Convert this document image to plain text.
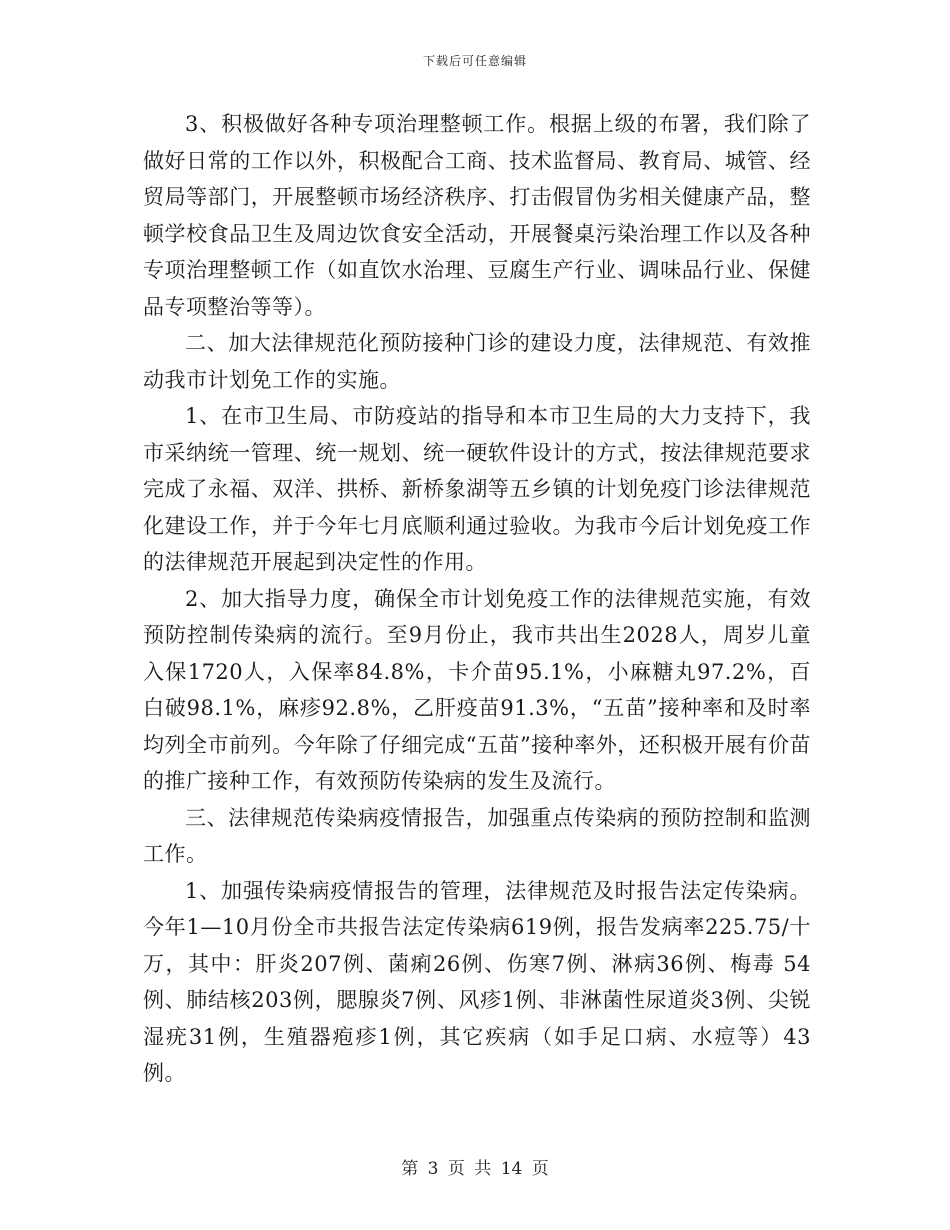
下载后可任意编辑

3、积极做好各种专项治理整顿工作。根据上级的布署，我们除了做好日常的工作以外，积极配合工商、技术监督局、教育局、城管、经贸局等部门，开展整顿市场经济秩序、打击假冒伪劣相关健康产品，整顿学校食品卫生及周边饮食安全活动，开展餐桌污染治理工作以及各种专项治理整顿工作（如直饮水治理、豆腐生产行业、调味品行业、保健品专项整治等等）。

二、加大法律规范化预防接种门诊的建设力度，法律规范、有效推动我市计划免工作的实施。

1、在市卫生局、市防疫站的指导和本市卫生局的大力支持下，我市采纳统一管理、统一规划、统一硬软件设计的方式，按法律规范要求完成了永福、双洋、拱桥、新桥象湖等五乡镇的计划免疫门诊法律规范化建设工作，并于今年七月底顺利通过验收。为我市今后计划免疫工作的法律规范开展起到决定性的作用。

2、加大指导力度，确保全市计划免疫工作的法律规范实施，有效预防控制传染病的流行。至9月份止，我市共出生2028人，周岁儿童入保1720人，入保率84.8%，卡介苗95.1%，小麻糖丸97.2%，百白破98.1%，麻疹92.8%，乙肝疫苗91.3%，“五苗”接种率和及时率均列全市前列。今年除了仔细完成“五苗”接种率外，还积极开展有价苗的推广接种工作，有效预防传染病的发生及流行。

三、法律规范传染病疫情报告，加强重点传染病的预防控制和监测工作。

1、加强传染病疫情报告的管理，法律规范及时报告法定传染病。今年1—10月份全市共报告法定传染病619例，报告发病率225.75/十万，其中：肝炎207例、菌痢26例、伤寒7例、淋病36例、梅毒 54例、肺结核203例，腮腺炎7例、风疹1例、非淋菌性尿道炎3例、尖锐湿疣31例，生殖器疱疹1例，其它疾病（如手足口病、水痘等）43例。

第 3 页 共 14 页
